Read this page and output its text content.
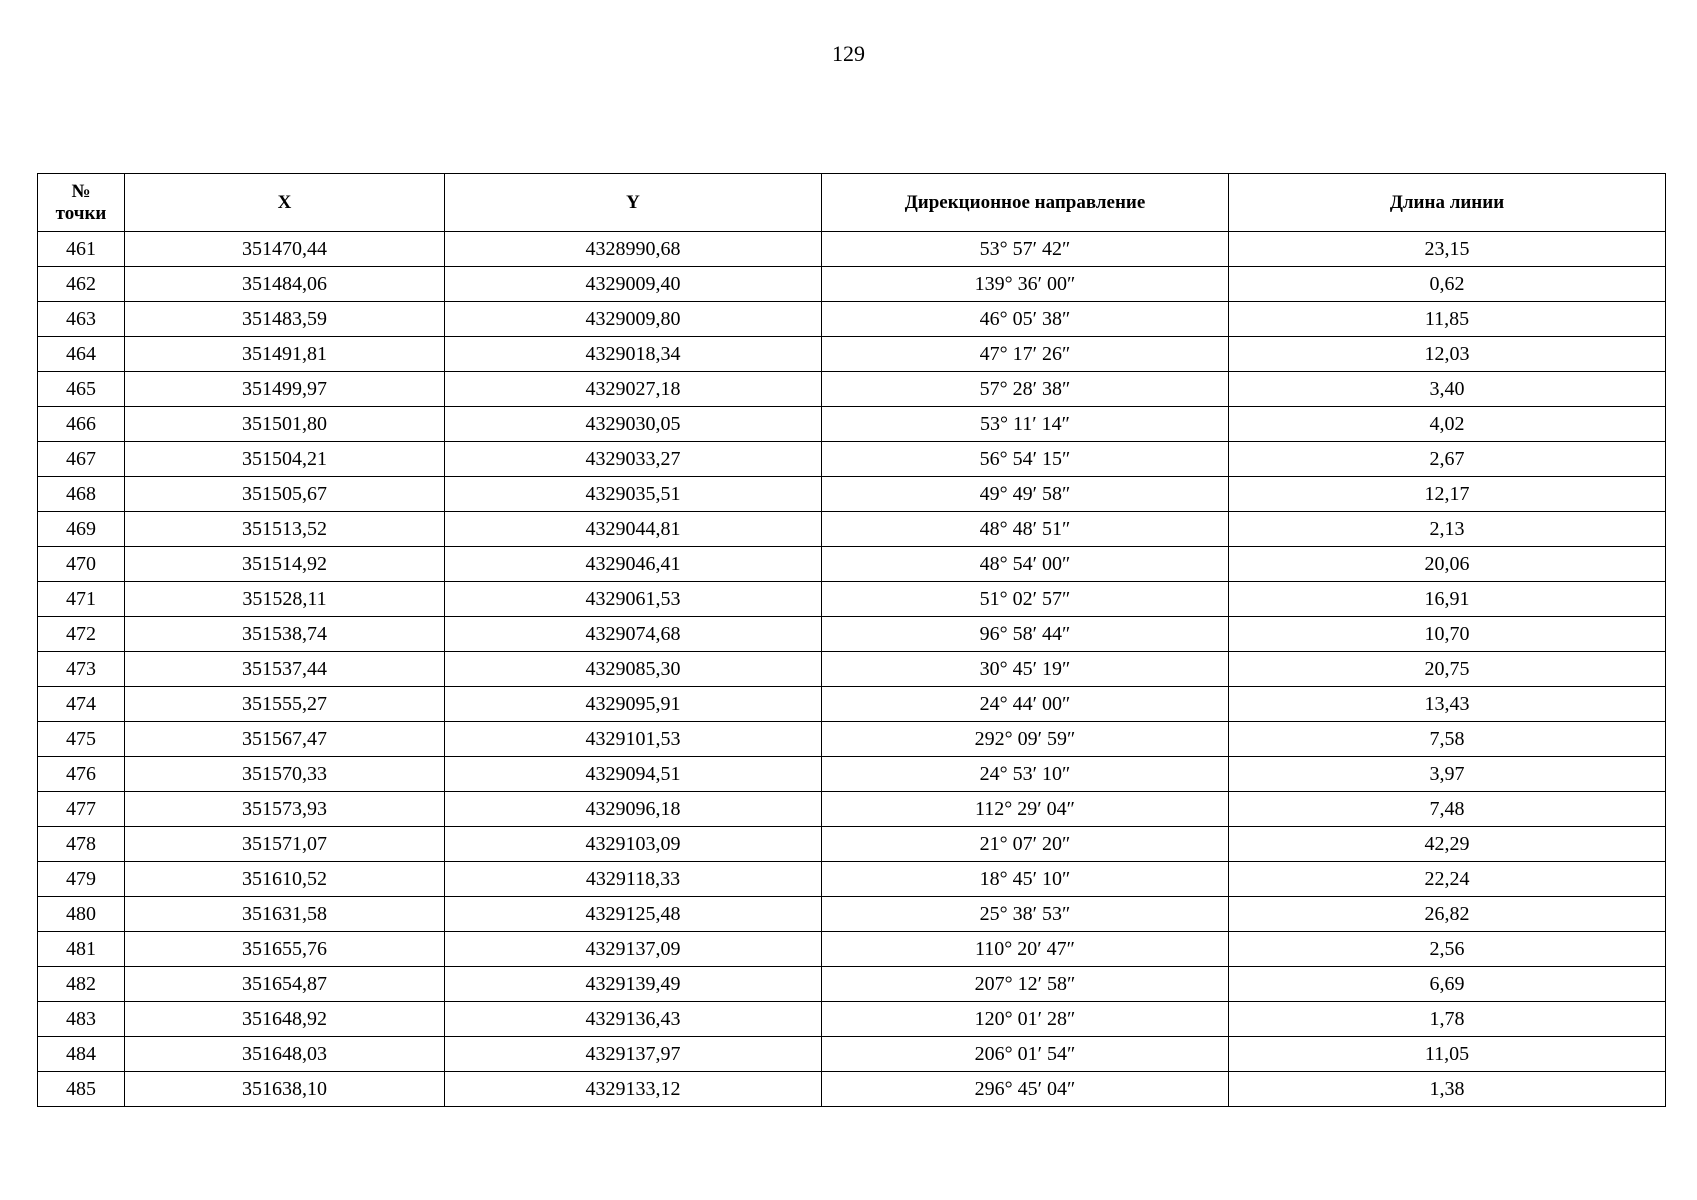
129
№
точки	X	Y	Дирекционное направление	Длина линии
461	351470,44	4328990,68	53° 57′ 42″	23,15
462	351484,06	4329009,40	139° 36′ 00″	0,62
463	351483,59	4329009,80	46° 05′ 38″	11,85
464	351491,81	4329018,34	47° 17′ 26″	12,03
465	351499,97	4329027,18	57° 28′ 38″	3,40
466	351501,80	4329030,05	53° 11′ 14″	4,02
467	351504,21	4329033,27	56° 54′ 15″	2,67
468	351505,67	4329035,51	49° 49′ 58″	12,17
469	351513,52	4329044,81	48° 48′ 51″	2,13
470	351514,92	4329046,41	48° 54′ 00″	20,06
471	351528,11	4329061,53	51° 02′ 57″	16,91
472	351538,74	4329074,68	96° 58′ 44″	10,70
473	351537,44	4329085,30	30° 45′ 19″	20,75
474	351555,27	4329095,91	24° 44′ 00″	13,43
475	351567,47	4329101,53	292° 09′ 59″	7,58
476	351570,33	4329094,51	24° 53′ 10″	3,97
477	351573,93	4329096,18	112° 29′ 04″	7,48
478	351571,07	4329103,09	21° 07′ 20″	42,29
479	351610,52	4329118,33	18° 45′ 10″	22,24
480	351631,58	4329125,48	25° 38′ 53″	26,82
481	351655,76	4329137,09	110° 20′ 47″	2,56
482	351654,87	4329139,49	207° 12′ 58″	6,69
483	351648,92	4329136,43	120° 01′ 28″	1,78
484	351648,03	4329137,97	206° 01′ 54″	11,05
485	351638,10	4329133,12	296° 45′ 04″	1,38
